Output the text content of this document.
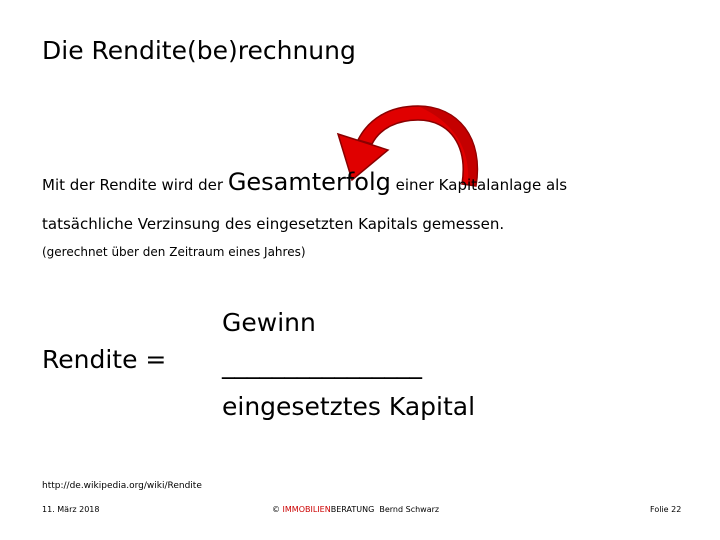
Die Rendite(be)rechnung
Mit der Rendite wird der Gesamterfolg einer Kapitalanlage als
tatsächliche Verzinsung des eingesetzten Kapitals gemessen.
(gerechnet über den Zeitraum eines Jahres)
Rendite =
Gewinn
________________
eingesetztes Kapital
http://de.wikipedia.org/wiki/Rendite
11. März 2018	© IMMOBILIENBERATUNG Bernd Schwarz	Folie 22
